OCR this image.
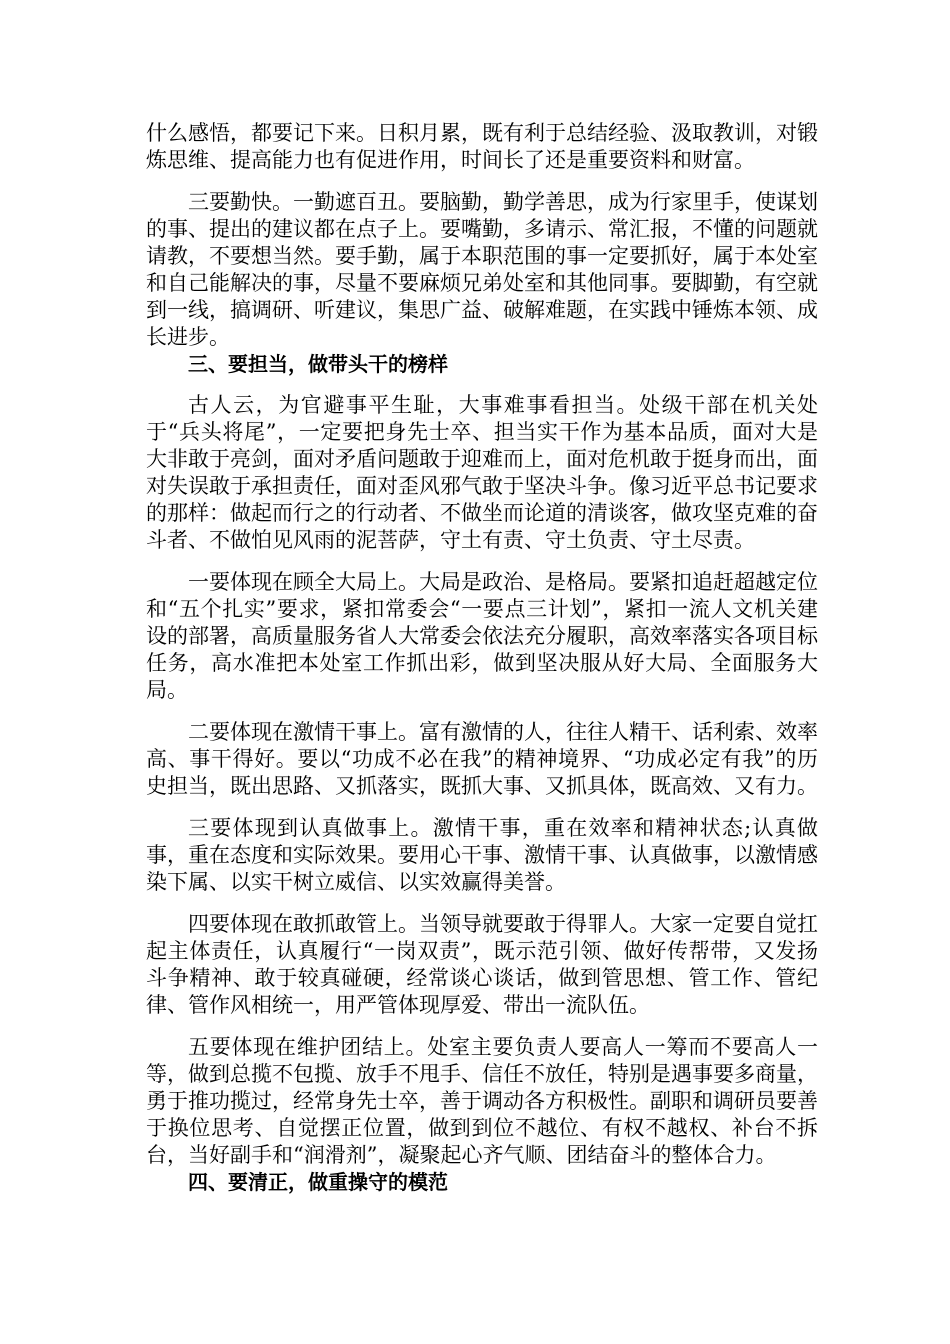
什么感悟，都要记下来。日积月累，既有利于总结经验、汲取教训，对锻炼思维、提高能力也有促进作用，时间长了还是重要资料和财富。

三要勤快。一勤遮百丑。要脑勤，勤学善思，成为行家里手，使谋划的事、提出的建议都在点子上。要嘴勤，多请示、常汇报，不懂的问题就请教，不要想当然。要手勤，属于本职范围的事一定要抓好，属于本处室和自己能解决的事，尽量不要麻烦兄弟处室和其他同事。要脚勤，有空就到一线，搞调研、听建议，集思广益、破解难题，在实践中锤炼本领、成长进步。

三、要担当，做带头干的榜样

古人云，为官避事平生耻，大事难事看担当。处级干部在机关处于“兵头将尾”，一定要把身先士卒、担当实干作为基本品质，面对大是大非敢于亮剑，面对矛盾问题敢于迎难而上，面对危机敢于挺身而出，面对失误敢于承担责任，面对歪风邪气敢于坚决斗争。像习近平总书记要求的那样：做起而行之的行动者、不做坐而论道的清谈客，做攻坚克难的奋斗者、不做怕见风雨的泥菩萨，守土有责、守土负责、守土尽责。

一要体现在顾全大局上。大局是政治、是格局。要紧扣追赶超越定位和“五个扎实”要求，紧扣常委会“一要点三计划”，紧扣一流人文机关建设的部署，高质量服务省人大常委会依法充分履职，高效率落实各项目标任务，高水准把本处室工作抓出彩，做到坚决服从好大局、全面服务大局。

二要体现在激情干事上。富有激情的人，往往人精干、话利索、效率高、事干得好。要以“功成不必在我”的精神境界、“功成必定有我”的历史担当，既出思路、又抓落实，既抓大事、又抓具体，既高效、又有力。

三要体现到认真做事上。激情干事，重在效率和精神状态;认真做事，重在态度和实际效果。要用心干事、激情干事、认真做事，以激情感染下属、以实干树立威信、以实效赢得美誉。

四要体现在敢抓敢管上。当领导就要敢于得罪人。大家一定要自觉扛起主体责任，认真履行“一岗双责”，既示范引领、做好传帮带，又发扬斗争精神、敢于较真碰硬，经常谈心谈话，做到管思想、管工作、管纪律、管作风相统一，用严管体现厚爱、带出一流队伍。

五要体现在维护团结上。处室主要负责人要高人一筹而不要高人一等，做到总揽不包揽、放手不甩手、信任不放任，特别是遇事要多商量，勇于推功揽过，经常身先士卒，善于调动各方积极性。副职和调研员要善于换位思考、自觉摆正位置，做到到位不越位、有权不越权、补台不拆台，当好副手和“润滑剂”，凝聚起心齐气顺、团结奋斗的整体合力。

四、要清正，做重操守的模范
